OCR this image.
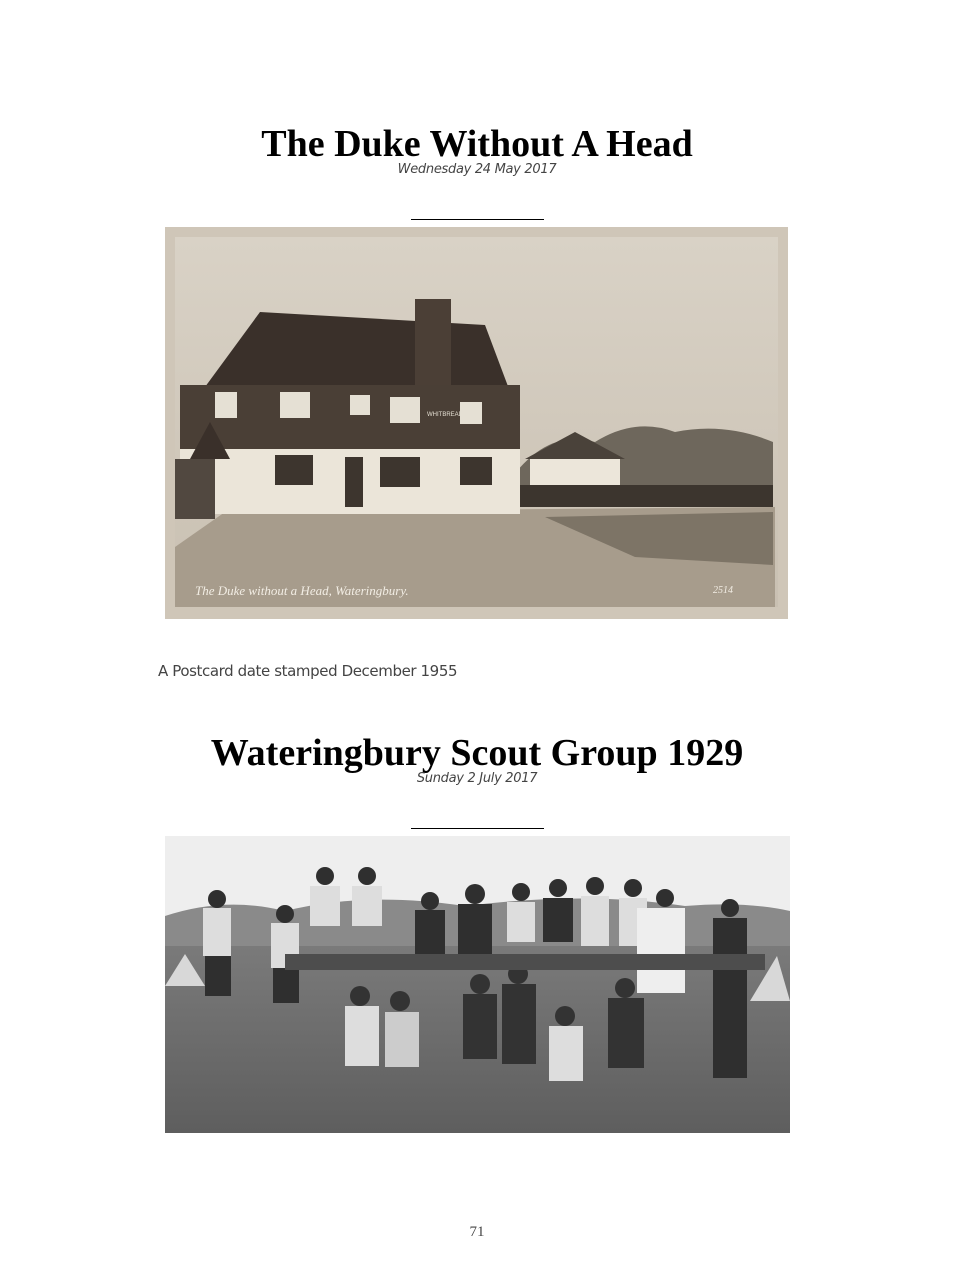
The Duke Without A Head
Wednesday 24 May 2017
The Duke without a Head, Wateringbury.	2514
WHITBREAD
A Postcard date stamped December 1955
Wateringbury Scout Group 1929
Sunday 2 July 2017
71
